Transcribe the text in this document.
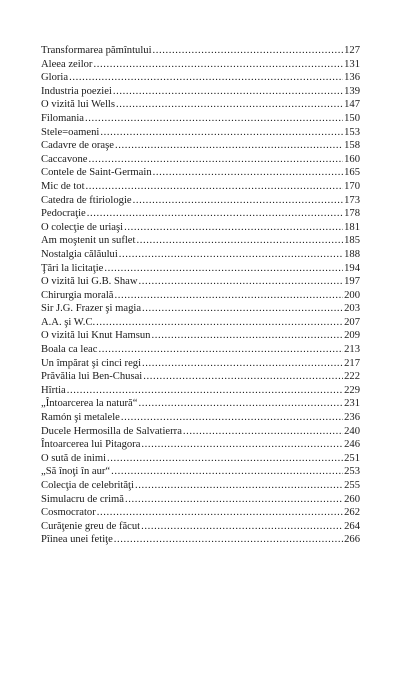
Transformarea pămîntului .....	127
Aleea zeilor .....	131
Gloria .....	136
Industria poeziei .....	139
O vizită lui Wells .....	147
Filomania .....	150
Stele=oameni .....	153
Cadavre de oraşe .....	158
Caccavone .....	160
Contele de Saint-Germain .....	165
Mic de tot .....	170
Catedra de ftiriologie .....	173
Pedocraţie .....	178
O colecţie de uriaşi .....	181
Am moştenit un suflet .....	185
Nostalgia călăului .....	188
Ţări la licitaţie .....	194
O vizită lui G.B. Shaw .....	197
Chirurgia morală .....	200
Sir J.G. Frazer şi magia .....	203
A.A. şi W.C. .....	207
O vizită lui Knut Hamsun .....	209
Boala ca leac .....	213
Un împărat şi cinci regi .....	217
Prăvălia lui Ben-Chusai .....	222
Hîrtia .....	229
„Întoarcerea la natură“ .....	231
Ramón şi metalele .....	236
Ducele Hermosilla de Salvatierra .....	240
Întoarcerea lui Pitagora .....	246
O sută de inimi .....	251
„Să înoţi în aur“ .....	253
Colecţia de celebrităţi .....	255
Simulacru de crimă .....	260
Cosmocrator .....	262
Curăţenie greu de făcut .....	264
Pîinea unei fetiţe .....	266
